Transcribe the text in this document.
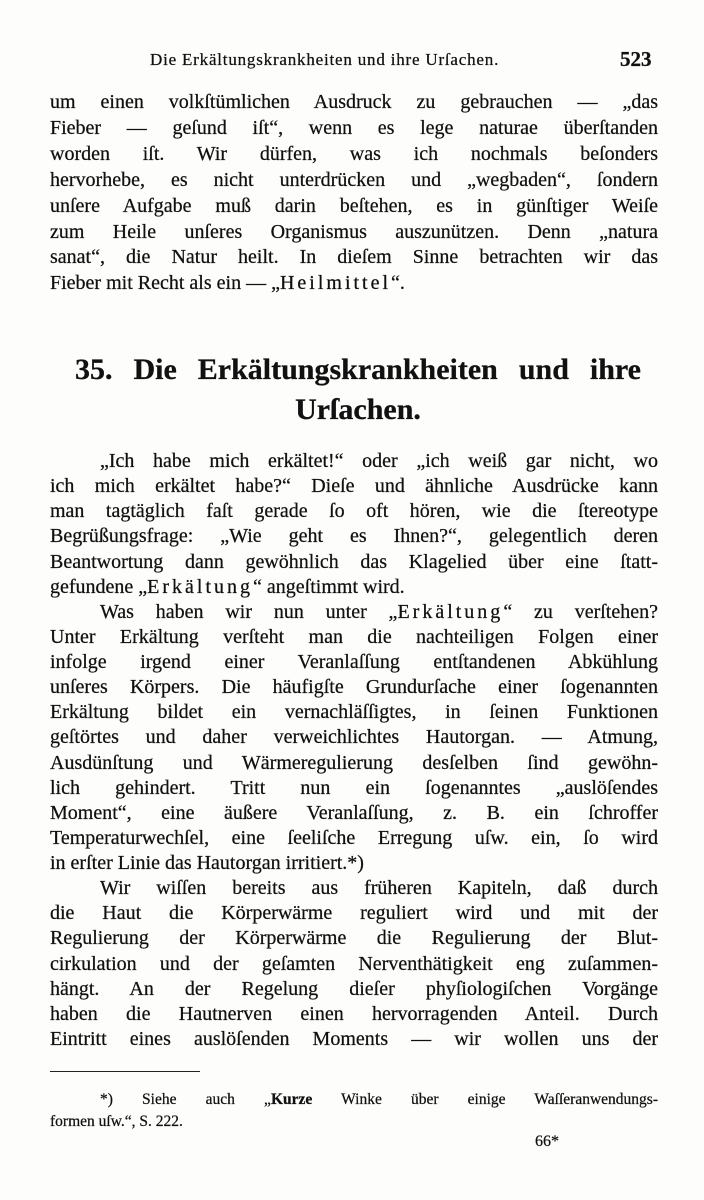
Die Erkältungskrankheiten und ihre Urſachen.	523
um einen volkſtümlichen Ausdruck zu gebrauchen — „das
Fieber — geſund iſt“, wenn es lege naturae überſtanden
worden iſt. Wir dürfen, was ich nochmals beſonders
hervorhebe, es nicht unterdrücken und „wegbaden“, ſondern
unſere Aufgabe muß darin beſtehen, es in günſtiger Weiſe
zum Heile unſeres Organismus auszunützen. Denn „natura
sanat“, die Natur heilt. In dieſem Sinne betrachten wir das
Fieber mit Recht als ein — „Heilmittel“.
35. Die Erkältungskrankheiten und ihre
Urſachen.
„Ich habe mich erkältet!“ oder „ich weiß gar nicht, wo
ich mich erkältet habe?“ Dieſe und ähnliche Ausdrücke kann
man tagtäglich faſt gerade ſo oft hören, wie die ſtereotype
Begrüßungsfrage: „Wie geht es Ihnen?“, gelegentlich deren
Beantwortung dann gewöhnlich das Klagelied über eine ſtatt-
gefundene „Erkältung“ angeſtimmt wird.
Was haben wir nun unter „Erkältung“ zu verſtehen?
Unter Erkältung verſteht man die nachteiligen Folgen einer
infolge irgend einer Veranlaſſung entſtandenen Abkühlung
unſeres Körpers. Die häufigſte Grundurſache einer ſogenannten
Erkältung bildet ein vernachläſſigtes, in ſeinen Funktionen
geſtörtes und daher verweichlichtes Hautorgan. — Atmung,
Ausdünſtung und Wärmeregulierung desſelben ſind gewöhn-
lich gehindert. Tritt nun ein ſogenanntes „auslöſendes
Moment“, eine äußere Veranlaſſung, z. B. ein ſchroffer
Temperaturwechſel, eine ſeeliſche Erregung uſw. ein, ſo wird
in erſter Linie das Hautorgan irritiert.*)
Wir wiſſen bereits aus früheren Kapiteln, daß durch
die Haut die Körperwärme reguliert wird und mit der
Regulierung der Körperwärme die Regulierung der Blut-
cirkulation und der geſamten Nerventhätigkeit eng zuſammen-
hängt. An der Regelung dieſer phyſiologiſchen Vorgänge
haben die Hautnerven einen hervorragenden Anteil. Durch
Eintritt eines auslöſenden Moments — wir wollen uns der
*) Siehe auch „Kurze Winke über einige Waſſeranwendungs-
formen uſw.“, S. 222.
66*
